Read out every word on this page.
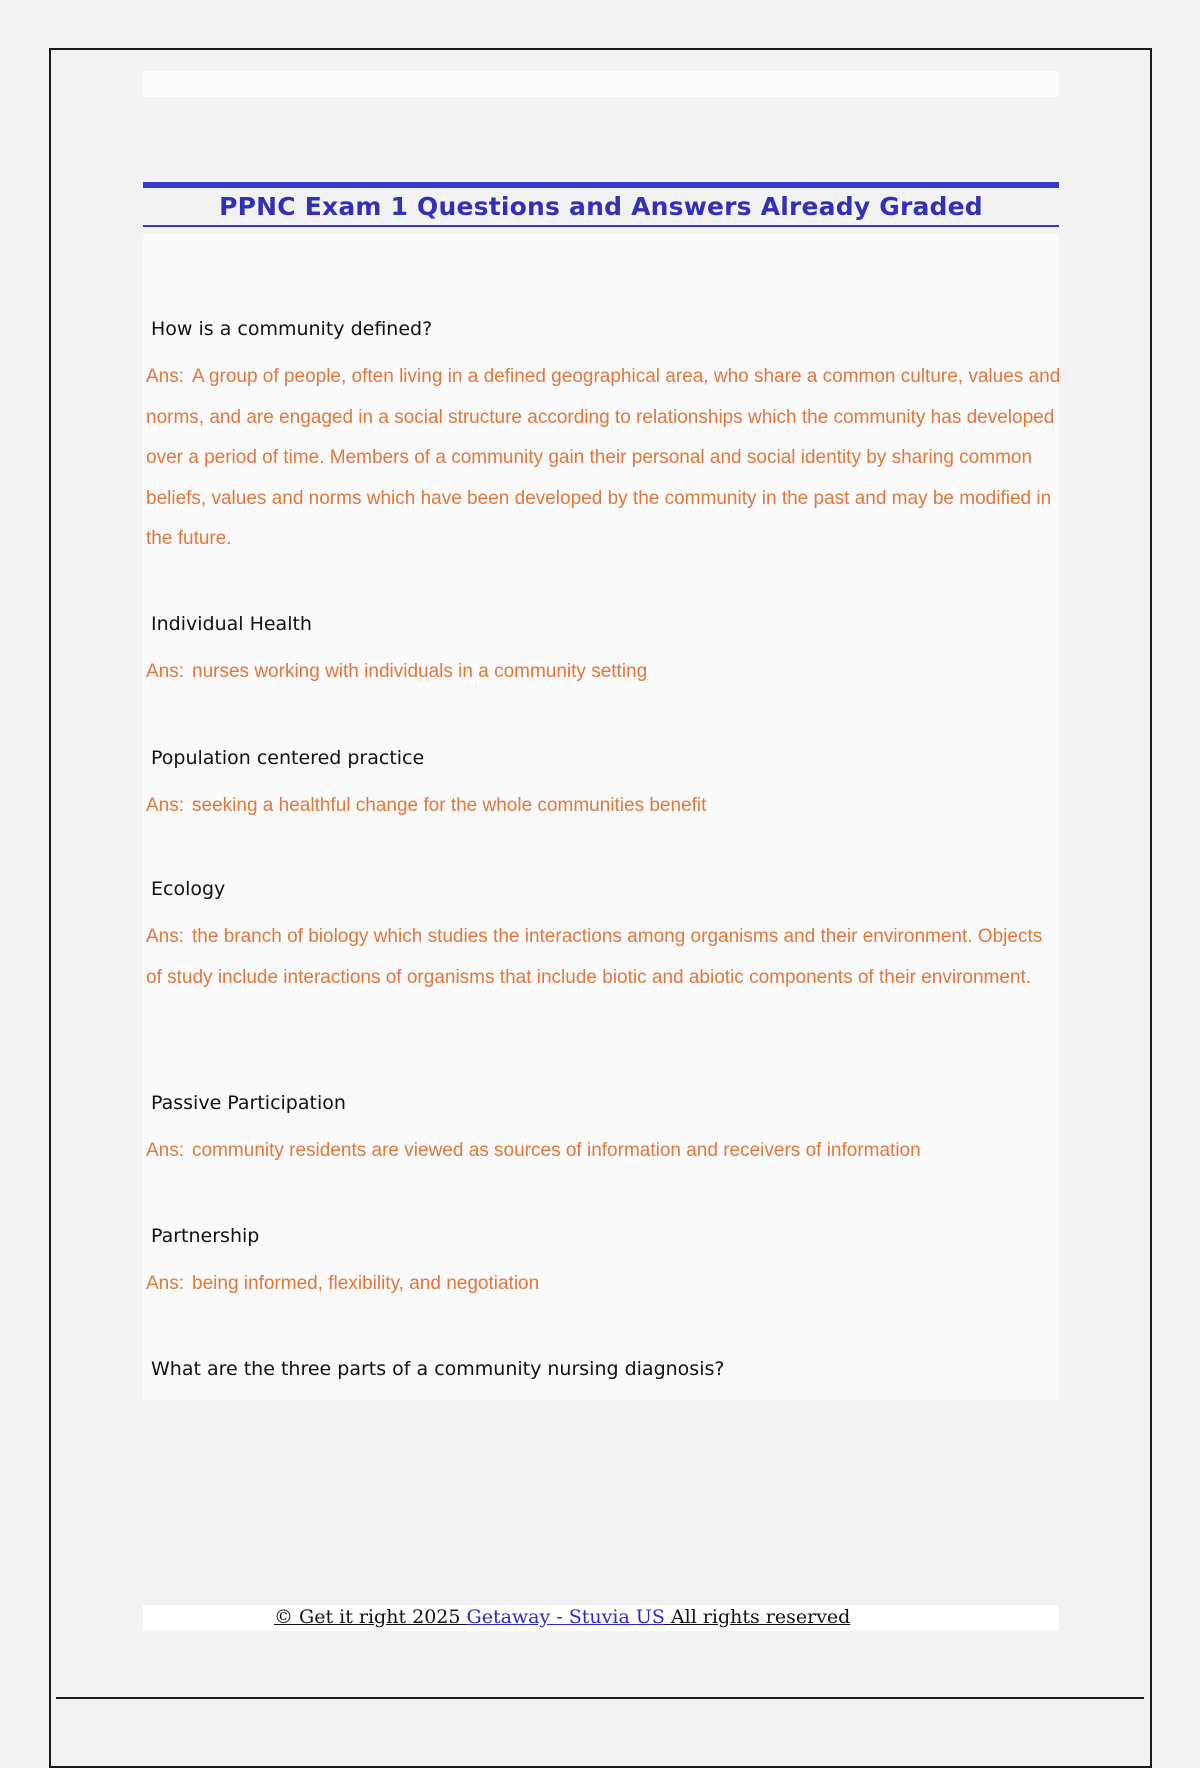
PPNC Exam 1 Questions and Answers Already Graded
How is a community defined?
Ans: A group of people, often living in a defined geographical area, who share a common culture, values and norms, and are engaged in a social structure according to relationships which the community has developed over a period of time. Members of a community gain their personal and social identity by sharing common beliefs, values and norms which have been developed by the community in the past and may be modified in the future.
Individual Health
Ans: nurses working with individuals in a community setting
Population centered practice
Ans: seeking a healthful change for the whole communities benefit
Ecology
Ans: the branch of biology which studies the interactions among organisms and their environment. Objects of study include interactions of organisms that include biotic and abiotic components of their environment.
Passive Participation
Ans: community residents are viewed as sources of information and receivers of information
Partnership
Ans: being informed, flexibility, and negotiation
What are the three parts of a community nursing diagnosis?
© Get it right 2025 Getaway - Stuvia US All rights reserved
